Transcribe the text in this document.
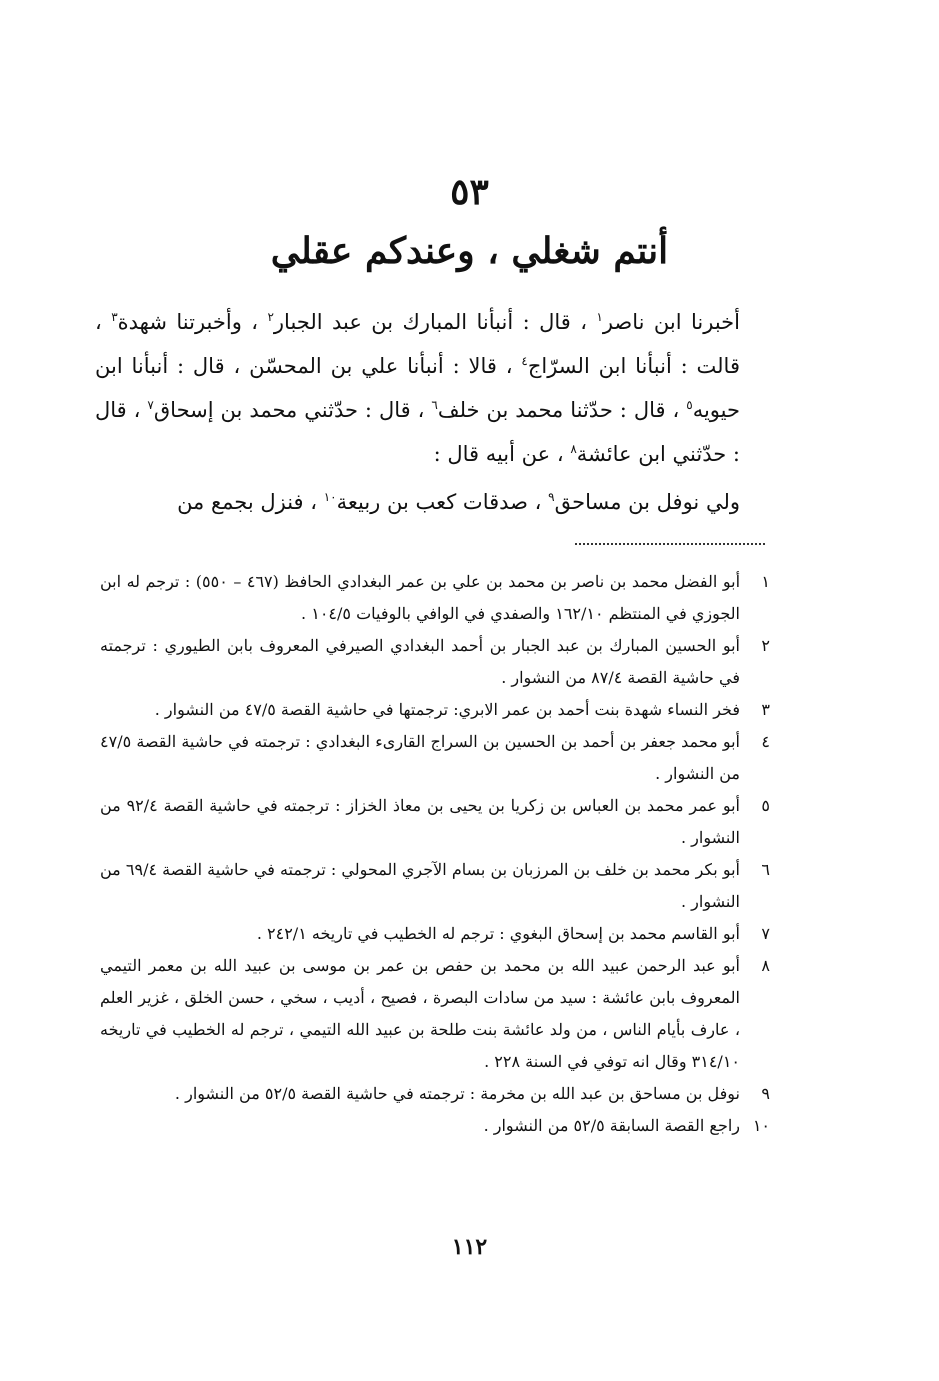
٥٣
أنتم شغلي ، وعندكم عقلي

أخبرنا ابن ناصر$^١$ ، قال : أنبأنا المبارك بن عبد الجبار$^٢$ ، وأخبرتنا شهدة$^٣$ ، قالت : أنبأنا ابن السرّاج$^٤$ ، قالا : أنبأنا علي بن المحسّن ، قال : أنبأنا ابن حيويه$^٥$ ، قال : حدّثنا محمد بن خلف$^٦$ ، قال : حدّثني محمد بن إسحاق$^٧$ ، قال : حدّثني ابن عائشة$^٨$ ، عن أبيه قال :

ولي نوفل بن مساحق$^٩$ ، صدقات كعب بن ربيعة$^{١٠}$ ، فنزل بجمع من

١
أبو الفضل محمد بن ناصر بن محمد بن علي بن عمر البغدادي الحافظ (٤٦٧ – ٥٥٠) : ترجم له ابن الجوزي في المنتظم ١٦٢/١٠ والصفدي في الوافي بالوفيات ١٠٤/٥ .
٢
أبو الحسين المبارك بن عبد الجبار بن أحمد البغدادي الصيرفي المعروف بابن الطيوري : ترجمته في حاشية القصة ٨٧/٤ من النشوار .
٣
فخر النساء شهدة بنت أحمد بن عمر الابري: ترجمتها في حاشية القصة ٤٧/٥ من النشوار .
٤
أبو محمد جعفر بن أحمد بن الحسين بن السراج القارىء البغدادي : ترجمته في حاشية القصة ٤٧/٥ من النشوار .
٥
أبو عمر محمد بن العباس بن زكريا بن يحيى بن معاذ الخزاز : ترجمته في حاشية القصة ٩٢/٤ من النشوار .
٦
أبو بكر محمد بن خلف بن المرزبان بن بسام الآجري المحولي : ترجمته في حاشية القصة ٦٩/٤ من النشوار .
٧
أبو القاسم محمد بن إسحاق البغوي : ترجم له الخطيب في تاريخه ٢٤٢/١ .
٨
أبو عبد الرحمن عبيد الله بن محمد بن حفص بن عمر بن موسى بن عبيد الله بن معمر التيمي المعروف بابن عائشة : سيد من سادات البصرة ، فصيح ، أديب ، سخي ، حسن الخلق ، غزير العلم ، عارف بأيام الناس ، من ولد عائشة بنت طلحة بن عبيد الله التيمي ، ترجم له الخطيب في تاريخه ٣١٤/١٠ وقال انه توفي في السنة ٢٢٨ .
٩
نوفل بن مساحق بن عبد الله بن مخرمة : ترجمته في حاشية القصة ٥٢/٥ من النشوار .
١٠
راجع القصة السابقة ٥٢/٥ من النشوار .
١١٢
